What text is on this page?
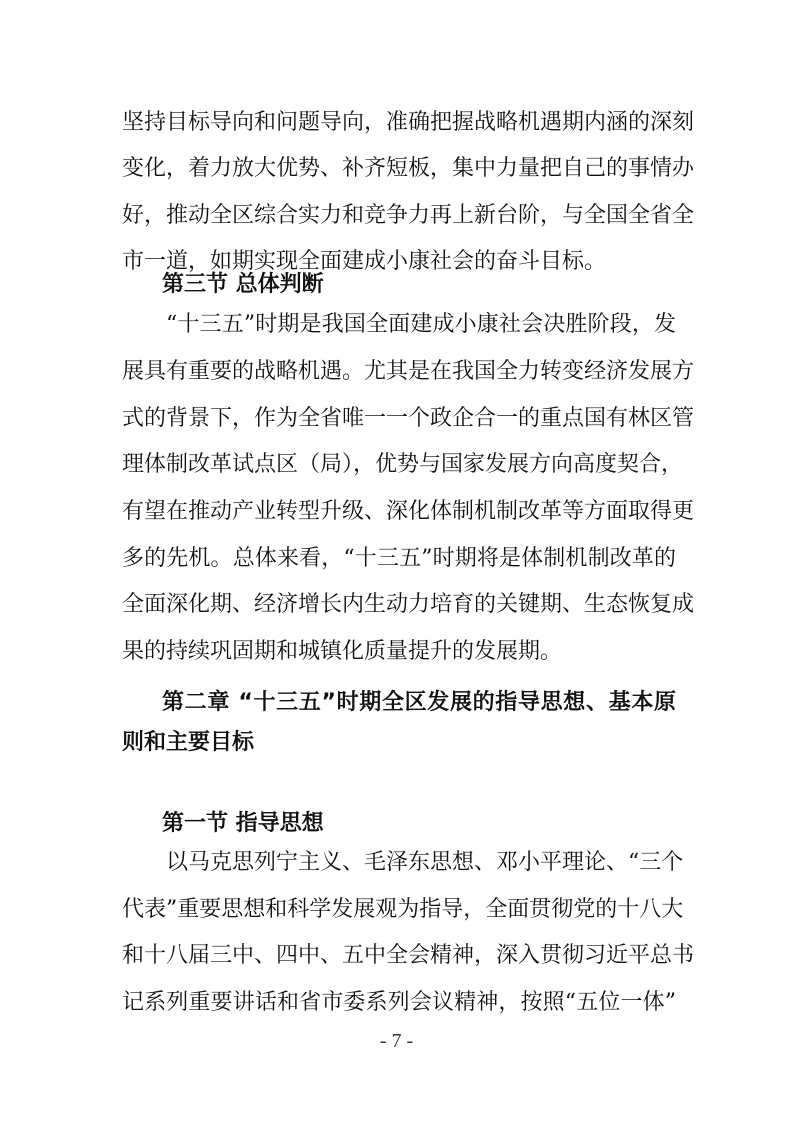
坚持目标导向和问题导向，准确把握战略机遇期内涵的深刻
变化，着力放大优势、补齐短板，集中力量把自己的事情办
好，推动全区综合实力和竞争力再上新台阶，与全国全省全
市一道，如期实现全面建成小康社会的奋斗目标。
第三节 总体判断
“十三五”时期是我国全面建成小康社会决胜阶段，发
展具有重要的战略机遇。尤其是在我国全力转变经济发展方
式的背景下，作为全省唯一一个政企合一的重点国有林区管
理体制改革试点区（局），优势与国家发展方向高度契合，
有望在推动产业转型升级、深化体制机制改革等方面取得更
多的先机。总体来看，“十三五”时期将是体制机制改革的
全面深化期、经济增长内生动力培育的关键期、生态恢复成
果的持续巩固期和城镇化质量提升的发展期。
第二章 “十三五”时期全区发展的指导思想、基本原
则和主要目标
第一节 指导思想
以马克思列宁主义、毛泽东思想、邓小平理论、“三个
代表”重要思想和科学发展观为指导，全面贯彻党的十八大
和十八届三中、四中、五中全会精神，深入贯彻习近平总书
记系列重要讲话和省市委系列会议精神，按照“五位一体”
- 7 -
